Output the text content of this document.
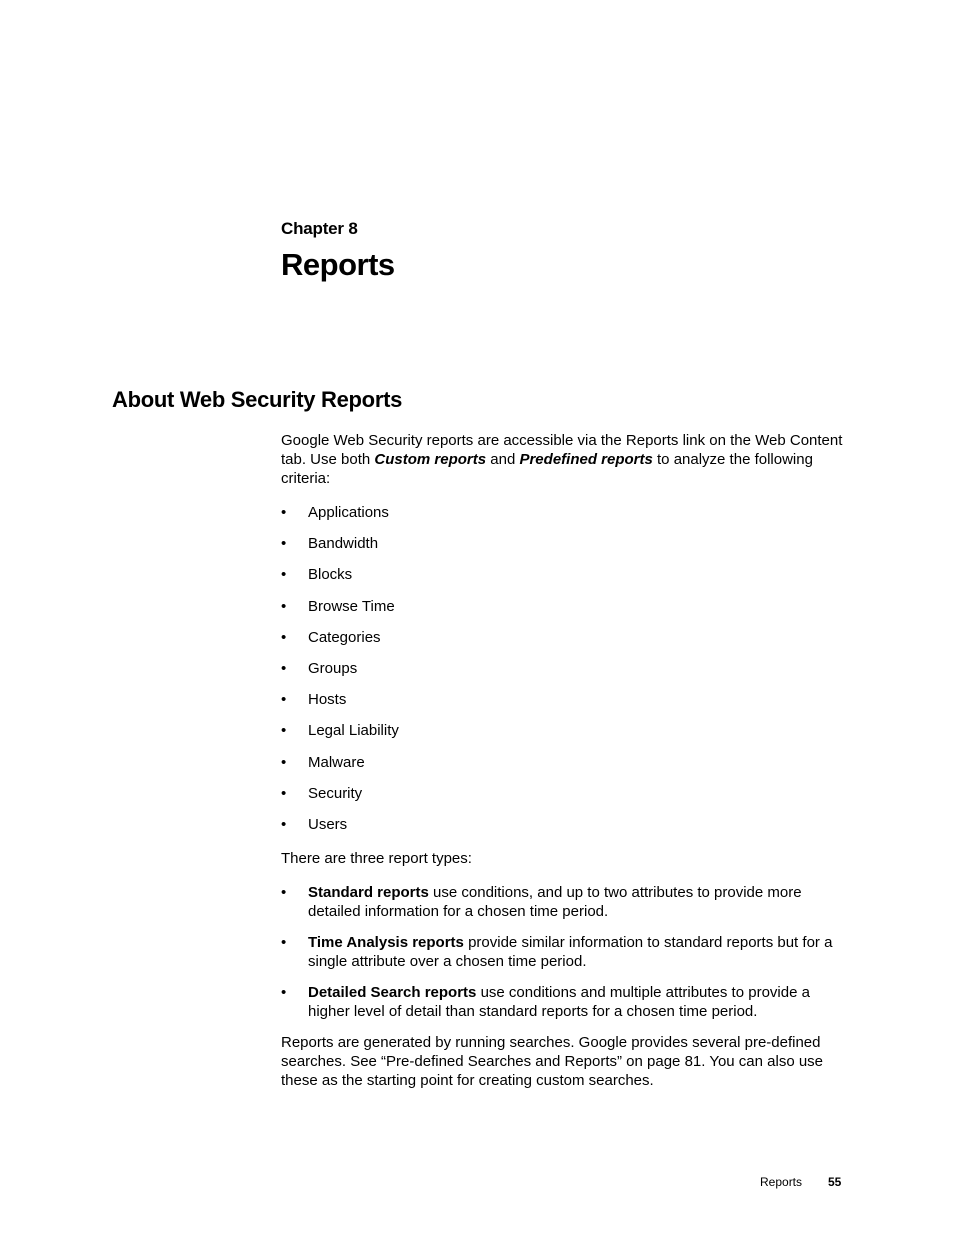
Chapter 8
Reports
About Web Security Reports

Google Web Security reports are accessible via the Reports link on the Web Content tab. Use both Custom reports and Predefined reports to analyze the following criteria:

• Applications
• Bandwidth
• Blocks
• Browse Time
• Categories
• Groups
• Hosts
• Legal Liability
• Malware
• Security
• Users

There are three report types:

• Standard reports use conditions, and up to two attributes to provide more detailed information for a chosen time period.
• Time Analysis reports provide similar information to standard reports but for a single attribute over a chosen time period.
• Detailed Search reports use conditions and multiple attributes to provide a higher level of detail than standard reports for a chosen time period.

Reports are generated by running searches. Google provides several pre-defined searches. See “Pre-defined Searches and Reports” on page 81. You can also use these as the starting point for creating custom searches.

Reports 55
